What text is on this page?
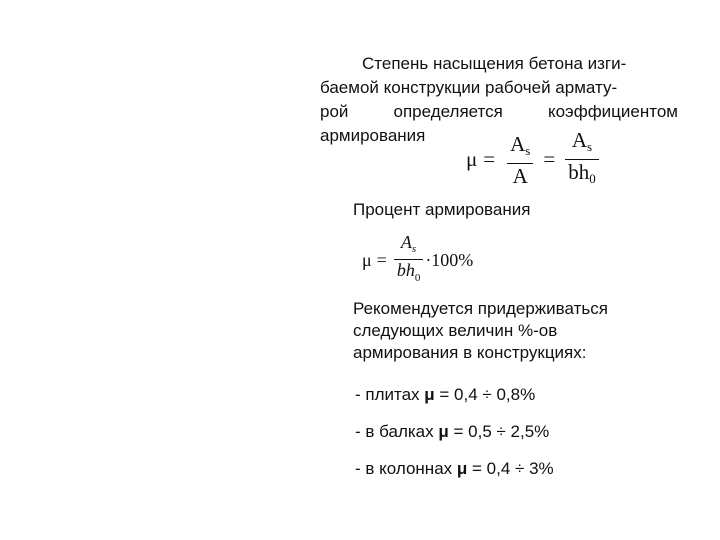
Степень насыщения бетона изги-
баемой конструкции рабочей армату-
рой	определяется	коэффициентом
армирования
$\mu = \frac{A_s}{A} = \frac{A_s}{bh_0}$
Процент армирования
$\mu = \frac{A_s}{bh_0} \cdot 100\%$
Рекомендуется придерживаться
следующих величин %-ов
армирования в конструкциях:
- плитах μ = 0,4 ÷ 0,8%
- в балках μ = 0,5 ÷ 2,5%
- в колоннах μ = 0,4 ÷ 3%
